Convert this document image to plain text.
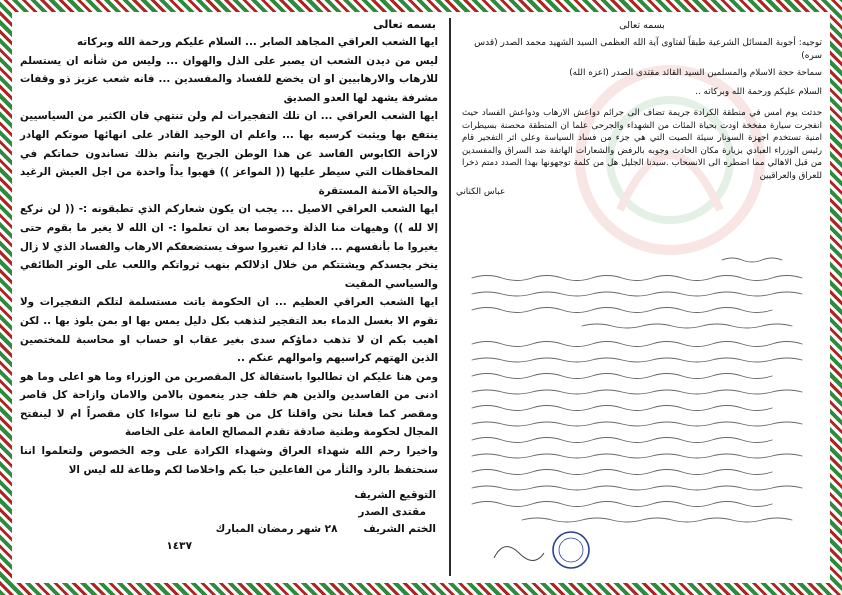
بسمه تعالى

ايها الشعب العراقي المجاهد الصابر ... السلام عليكم ورحمة الله وبركاته

ليس من ديدن الشعب ان يصبر على الذل والهوان ... وليس من شأنه ان يستسلم للارهاب والارهابيين او ان يخضع للفساد والمفسدين ... فانه شعب عزيز ذو وقفات مشرفة يشهد لها العدو الصديق

ايها الشعب العراقي ... ان تلك التفجيرات لم ولن تنتهي فان الكثير من السياسيين ينتفع بها ويثبت كرسيه بها ... واعلم ان الوحيد القادر على انهائها صوتكم الهادر لازاحة الكابوس الفاسد عن هذا الوطن الجريح وانتم بذلك تساندون حماتكم في المحافظات التي سيطر عليها (( المواعز )) فهبوا يداً واحدة من اجل العيش الرغيد والحياة الآمنة المستقرة

ايها الشعب العراقي الاصيل ... يجب ان يكون شعاركم الذي تطبقونه :- (( لن نركع إلا لله )) وهيهات منا الذلة وخصوصا بعد ان تعلموا :- ان الله لا يغير ما بقوم حتى يغيروا ما بأنفسهم ... فاذا لم تغيروا سوف يستضعفكم الارهاب والفساد الذي لا زال ينخر بجسدكم ويشتتكم من خلال اذلالكم بنهب ثرواتكم واللعب على الوتر الطائفي والسياسي المقيت

ايها الشعب العراقي العظيم ... ان الحكومة باتت مستسلمة لتلكم التفجيرات ولا تقوم الا بغسل الدماء بعد التفجير لتذهب بكل دليل يمس بها او بمن يلوذ بها .. لكن اهيب بكم ان لا تذهب دماؤكم سدى بغير عقاب او حساب او محاسبة للمختصين الذين الهتهم كراسيهم واموالهم عنكم ..

ومن هنا عليكم ان تطالبوا باستقالة كل المقصرين من الوزراء وما هو اعلى وما هو ادنى من الفاسدين والذين هم خلف جدر ينعمون بالامن والامان وازاحة كل قاصر ومقصر كما فعلنا نحن واقلنا كل من هو تابع لنا سواءا كان مقصراً ام لا لينفتح المجال لحكومة وطنية صادقة تقدم المصالح العامة على الخاصة

واخيرا رحم الله شهداء العراق وشهداء الكرادة على وجه الخصوص ولتعلموا اننا سنحتفظ بالرد والثأر من الفاعلين حبا بكم واخلاصا لكم وطاعة لله ليس الا

التوقيع الشريف
مقتدى الصدر
الختم الشريف
٢٨ شهر رمضان المبارك
١٤٣٧
بسمه تعالى
توجيه: أجوبة المسائل الشرعية طبقاً لفتاوى آية الله العظمى السيد الشهيد محمد الصدر (قدس سره)
سماحة حجة الاسلام والمسلمين السيد القائد مقتدى الصدر (اعزه الله)
السلام عليكم ورحمة الله وبركاته ..
حدثت يوم امس في منطقة الكرادة جريمة تضاف الى جرائم دواعش الارهاب ودواعش الفساد حيث انفجرت سيارة مفخخة اودت بحياة المئات من الشهداء والجرحى علما ان المنطقة محصنة بسيطرات امنية تستخدم اجهزة السونار سيئة الصيت التي هي جزء من فساد السياسة وعلى اثر التفجير قام رئيس الوزراء العبادي بزيارة مكان الحادث وجوبه بالرفض والشعارات الهاتفة ضد السراق والمفسدين من قبل الاهالي مما اضطره الى الانسحاب .سيدنا الجليل هل من كلمة توجهونها بهذا الصدد دمتم ذخرا للعراق والعراقيين
عباس الكناني
